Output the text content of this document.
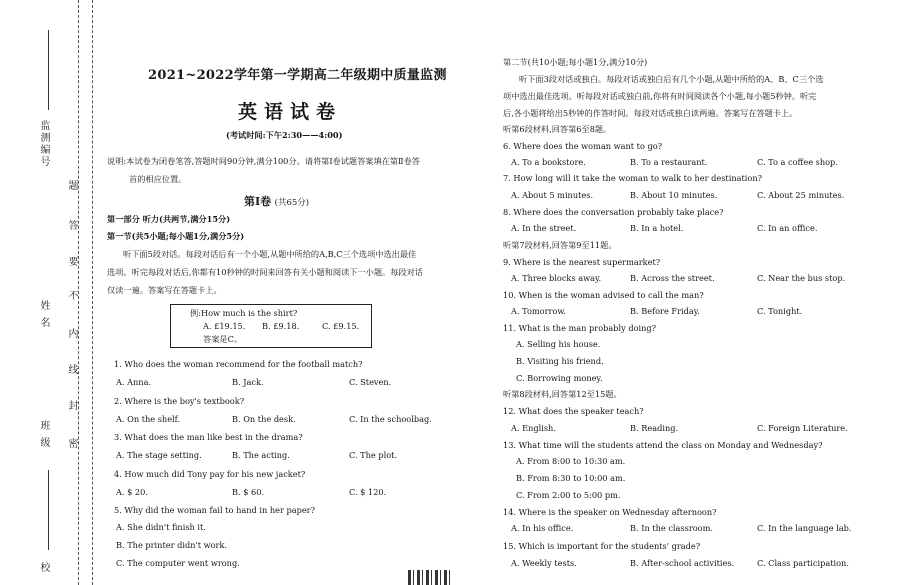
监测编号
姓 名
班 级
校
题
答
要
不
内
线
封
密
2021~2022学年第一学期高二年级期中质量监测
英语试卷
(考试时间:下午2:30——4:00)
说明:本试卷为闭卷笔答,答题时间90分钟,满分100分。请将第Ⅰ卷试题答案填在第Ⅱ卷答
首的相应位置。
第Ⅰ卷 (共65分)
第一部分 听力(共两节,满分15分)
第一节(共5小题;每小题1分,满分5分)
听下面5段对话。每段对话后有一个小题,从题中所给的A,B,C三个选项中选出最佳
选项。听完每段对话后,你都有10秒钟的时间来回答有关小题和阅读下一小题。每段对话
仅读一遍。答案写在答题卡上。
例:How much is the shirt?
A. £19.15. B. £9.18.	C. £9.15.
答案是C。
1. Who does the woman recommend for the football match?
A. Anna.	B. Jack.	C. Steven.
2. Where is the boy's textbook?
A. On the shelf.	B. On the desk.	C. In the schoolbag.
3. What does the man like best in the drama?
A. The stage setting.	B. The acting.	C. The plot.
4. How much did Tony pay for his new jacket?
A. $ 20.	B. $ 60.	C. $ 120.
5. Why did the woman fail to hand in her paper?
A. She didn't finish it.
B. The printer didn't work.
C. The computer went wrong.
第二节(共10小题;每小题1分,满分10分)
听下面3段对话或独白。每段对话或独白后有几个小题,从题中所给的A、B、C三个选
项中选出最佳选项。听每段对话或独白前,你将有时间阅读各个小题,每小题5秒钟。听完
后,各小题将给出5秒钟的作答时间。每段对话或独白读两遍。答案写在答题卡上。
听第6段材料,回答第6至8题。
6. Where does the woman want to go?
A. To a bookstore.	B. To a restaurant.	C. To a coffee shop.
7. How long will it take the woman to walk to her destination?
A. About 5 minutes.	B. About 10 minutes.	C. About 25 minutes.
8. Where does the conversation probably take place?
A. In the street.	B. In a hotel.	C. In an office.
听第7段材料,回答第9至11题。
9. Where is the nearest supermarket?
A. Three blocks away.	B. Across the street.	C. Near the bus stop.
10. When is the woman advised to call the man?
A. Tomorrow.	B. Before Friday.	C. Tonight.
11. What is the man probably doing?
A. Selling his house.
B. Visiting his friend.
C. Borrowing money.
听第8段材料,回答第12至15题。
12. What does the speaker teach?
A. English.	B. Reading.	C. Foreign Literature.
13. What time will the students attend the class on Monday and Wednesday?
A. From 8:00 to 10:30 am.
B. From 8:30 to 10:00 am.
C. From 2:00 to 5:00 pm.
14. Where is the speaker on Wednesday afternoon?
A. In his office.	B. In the classroom.	C. In the language lab.
15. Which is important for the students' grade?
A. Weekly tests.	B. After-school activities.	C. Class participation.
